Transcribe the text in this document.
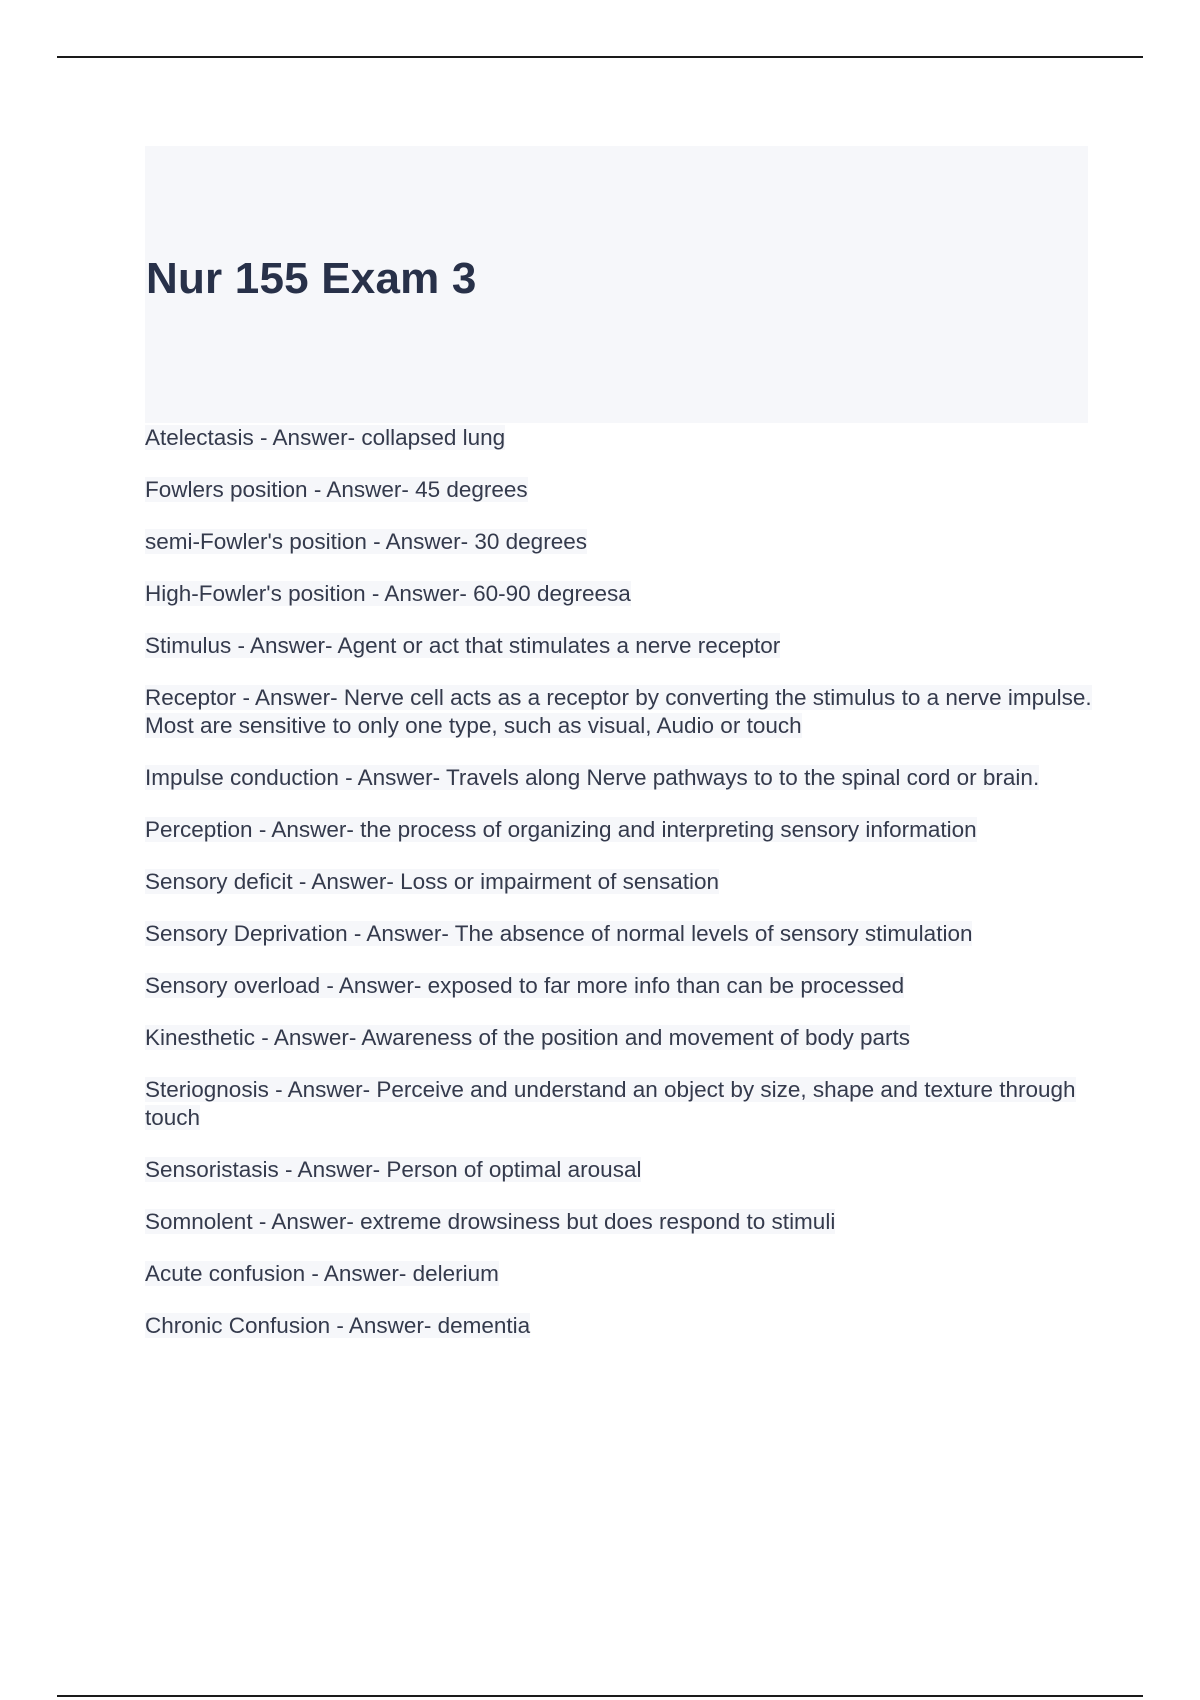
Nur 155 Exam 3
Atelectasis - Answer- collapsed lung
Fowlers position - Answer- 45 degrees
semi-Fowler's position - Answer- 30 degrees
High-Fowler's position - Answer- 60-90 degreesa
Stimulus - Answer- Agent or act that stimulates a nerve receptor
Receptor - Answer- Nerve cell acts as a receptor by converting the stimulus to a nerve impulse. Most are sensitive to only one type, such as visual, Audio or touch
Impulse conduction - Answer- Travels along Nerve pathways to to the spinal cord or brain.
Perception - Answer- the process of organizing and interpreting sensory information
Sensory deficit - Answer- Loss or impairment of sensation
Sensory Deprivation - Answer- The absence of normal levels of sensory stimulation
Sensory overload - Answer- exposed to far more info than can be processed
Kinesthetic - Answer- Awareness of the position and movement of body parts
Steriognosis - Answer- Perceive and understand an object by size, shape and texture through touch
Sensoristasis - Answer- Person of optimal arousal
Somnolent - Answer- extreme drowsiness but does respond to stimuli
Acute confusion - Answer- delerium
Chronic Confusion - Answer- dementia
